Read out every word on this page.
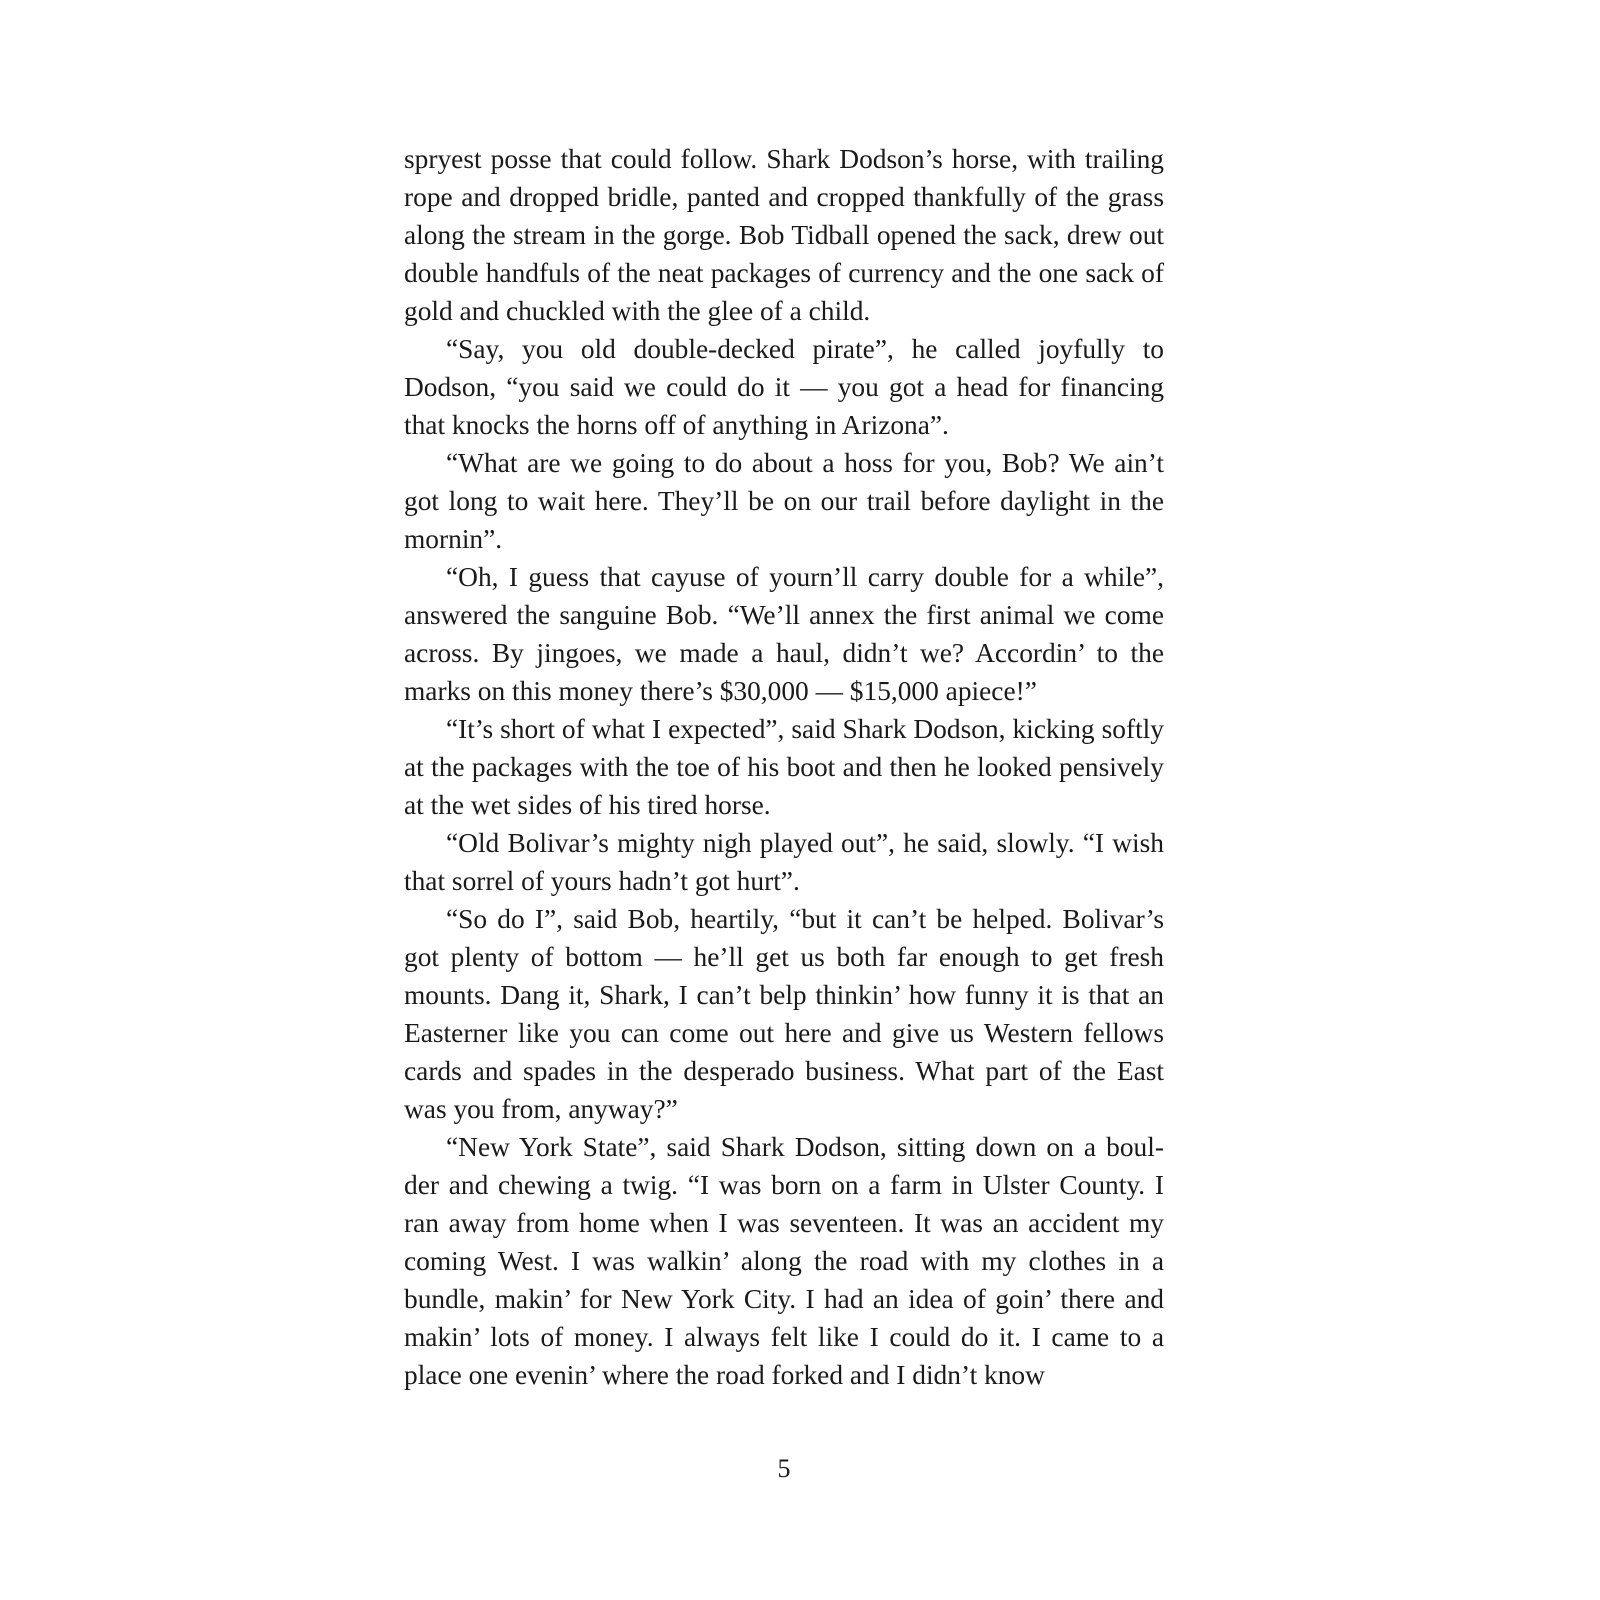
spryest posse that could follow. Shark Dodson’s horse, with trailing rope and dropped bridle, panted and cropped thankfully of the grass along the stream in the gorge. Bob Tidball opened the sack, drew out double handfuls of the neat packages of currency and the one sack of gold and chuckled with the glee of a child.

“Say, you old double-decked pirate”, he called joyfully to Dodson, “you said we could do it — you got a head for financing that knocks the horns off of anything in Arizona”.

“What are we going to do about a hoss for you, Bob? We ain’t got long to wait here. They’ll be on our trail before daylight in the mornin”.

“Oh, I guess that cayuse of yourn’ll carry double for a while”, answered the sanguine Bob. “We’ll annex the first animal we come across. By jingoes, we made a haul, didn’t we? Accordin’ to the marks on this money there’s $30,000 — $15,000 apiece!”

“It’s short of what I expected”, said Shark Dodson, kicking softly at the packages with the toe of his boot and then he looked pensively at the wet sides of his tired horse.

“Old Bolivar’s mighty nigh played out”, he said, slowly. “I wish that sorrel of yours hadn’t got hurt”.

“So do I”, said Bob, heartily, “but it can’t be helped. Bolivar’s got plenty of bottom — he’ll get us both far enough to get fresh mounts. Dang it, Shark, I can’t belp thinkin’ how funny it is that an Easterner like you can come out here and give us Western fellows cards and spades in the desperado business. What part of the East was you from, anyway?”

“New York State”, said Shark Dodson, sitting down on a boul-der and chewing a twig. “I was born on a farm in Ulster County. I ran away from home when I was seventeen. It was an accident my coming West. I was walkin’ along the road with my clothes in a bundle, makin’ for New York City. I had an idea of goin’ there and makin’ lots of money. I always felt like I could do it. I came to a place one evenin’ where the road forked and I didn’t know

5
